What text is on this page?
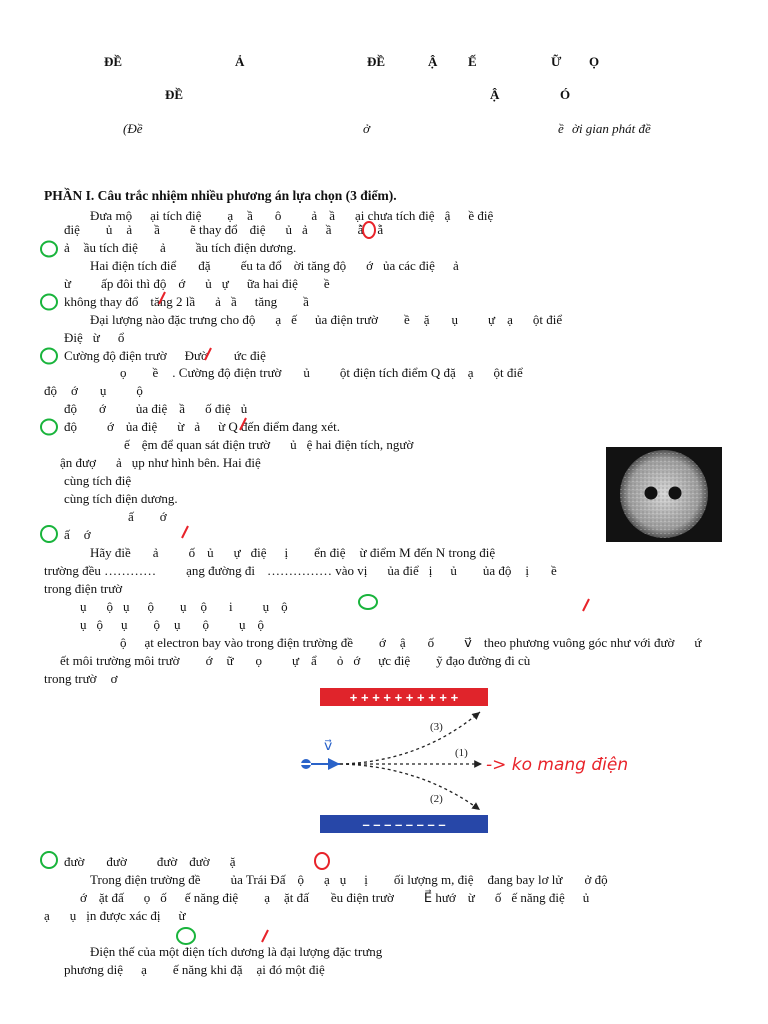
ĐỀ	Ả	ĐỀ	Ậ Ế	Ữ Ọ
ĐỀ	Ậ	Ó
(Đề	ở	ề ời gian phát đề
PHẦN I. Câu trắc nhiệm nhiều phương án lựa chọn (3 điểm).
Đưa mộ ại tích điệ ạ ầ ô ả ầ ại chưa tích điệ ậ ề điệ
điệ ủ ả ầ ẽ thay đổ điệ ủ ả ầ ẫ ẵ
ả ầu tích điệ ả ầu tích điện dương.
Hai điện tích điể đặ ếu ta đổ ời tăng độ ớ ủa các điệ ả
ừ ấp đôi thì độ ớ ủ ự ữa hai điệ ề
không thay đổ tăng 2 lầ ả ầ tăng ầ
Đại lượng nào đặc trưng cho độ ạ ế ủa điện trườ ề ặ ụ ự ạ ột điể
Điệ ừ ổ
Cường độ điện trườ Đườ ức điệ
ọ ề . Cường độ điện trườ ủ ột điện tích điểm Q đặ ạ ột điể
độ ớ ụ ộ
độ ớ ủa điệ ầ ố điệ ủ
độ ớ ủa điệ ừ ả ừ Q đến điểm đang xét.
ế ệm để quan sát điện trườ ủ ệ hai điện tích, ngườ
ận đượ ả ụp như hình bên. Hai điệ
cùng tích điệ
cùng tích điện dương.
ấ ớ
ấ ớ
Hãy điề ả ố ủ ự điệ ị ển điệ ừ điểm M đến N trong điệ
trường đều ………… ạng đường đi …………… vào vị ủa điể ị ủ ủa độ ị ề
trong điện trườ
ụ ộ ụ ộ ụ ộ i ụ ộ
ụ ộ ụ ộ ụ ộ ụ ộ
ộ ạt electron bay vào trong điện trường đề ớ ậ ố v⃗ theo phương vuông góc như với đườ ứ
ết môi trường môi trườ ớ ữ ọ ự ẩ ỏ ớ ực điệ ỹ đạo đường đi cù
trong trườ ơ
đườ đườ đườ đườ ặ
Trong điện trường đề ủa Trái Đấ ộ ạ ụ ị ối lượng m, điệ đang bay lơ lử ở độ
ớ ặt đấ ọ ố ế năng điệ ạ ặt đấ ều điện trườ E⃗ hướ ừ ố ế năng điệ ủ
ạ ụ ịn được xác đị ừ
Điện thế của một điện tích dương là đại lượng đặc trưng
phương diệ ạ ế năng khi đặ ại đó một điệ
+ + + + + + + + + +
– – – – – – – –
v⃗
(3)
(1)
(2)
-> ko mang điện
